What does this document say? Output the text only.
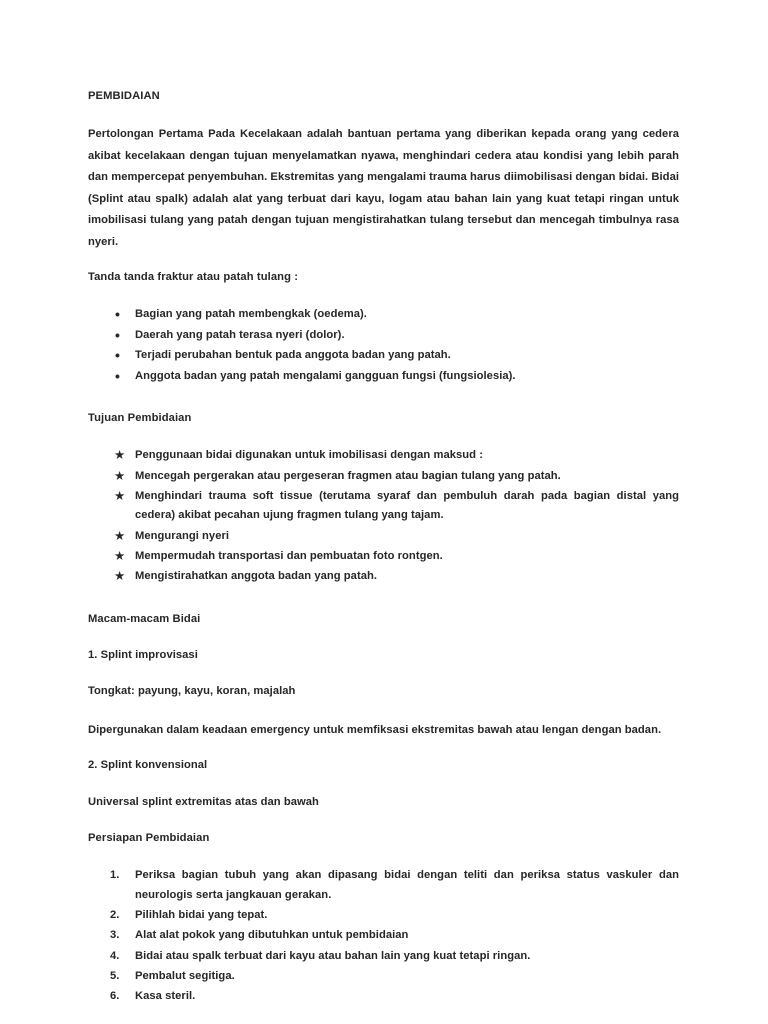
PEMBIDAIAN

Pertolongan Pertama Pada Kecelakaan adalah bantuan pertama yang diberikan kepada orang yang cedera akibat kecelakaan dengan tujuan menyelamatkan nyawa, menghindari cedera atau kondisi yang lebih parah dan mempercepat penyembuhan. Ekstremitas yang mengalami trauma harus diimobilisasi dengan bidai. Bidai (Splint atau spalk) adalah alat yang terbuat dari kayu, logam atau bahan lain yang kuat tetapi ringan untuk imobilisasi tulang yang patah dengan tujuan mengistirahatkan tulang tersebut dan mencegah timbulnya rasa nyeri.

Tanda tanda fraktur atau patah tulang :
•	Bagian yang patah membengkak (oedema).
•	Daerah yang patah terasa nyeri (dolor).
•	Terjadi perubahan bentuk pada anggota badan yang patah.
•	Anggota badan yang patah mengalami gangguan fungsi (fungsiolesia).
Tujuan Pembidaian
★ Penggunaan bidai digunakan untuk imobilisasi dengan maksud :
★ Mencegah pergerakan atau pergeseran fragmen atau bagian tulang yang patah.
★ Menghindari trauma soft tissue (terutama syaraf dan pembuluh darah pada bagian distal yang cedera) akibat pecahan ujung fragmen tulang yang tajam.
★ Mengurangi nyeri
★ Mempermudah transportasi dan pembuatan foto rontgen.
★ Mengistirahatkan anggota badan yang patah.
Macam-macam Bidai

1. Splint improvisasi

Tongkat: payung, kayu, koran, majalah

Dipergunakan dalam keadaan emergency untuk memfiksasi ekstremitas bawah atau lengan dengan badan.

2. Splint konvensional

Universal splint extremitas atas dan bawah

Persiapan Pembidaian
1.	Periksa bagian tubuh yang akan dipasang bidai dengan teliti dan periksa status vaskuler dan neurologis serta jangkauan gerakan.
2.	Pilihlah bidai yang tepat.
3.	Alat alat pokok yang dibutuhkan untuk pembidaian
4.	Bidai atau spalk terbuat dari kayu atau bahan lain yang kuat tetapi ringan.
5.	Pembalut segitiga.
6.	Kasa steril.
